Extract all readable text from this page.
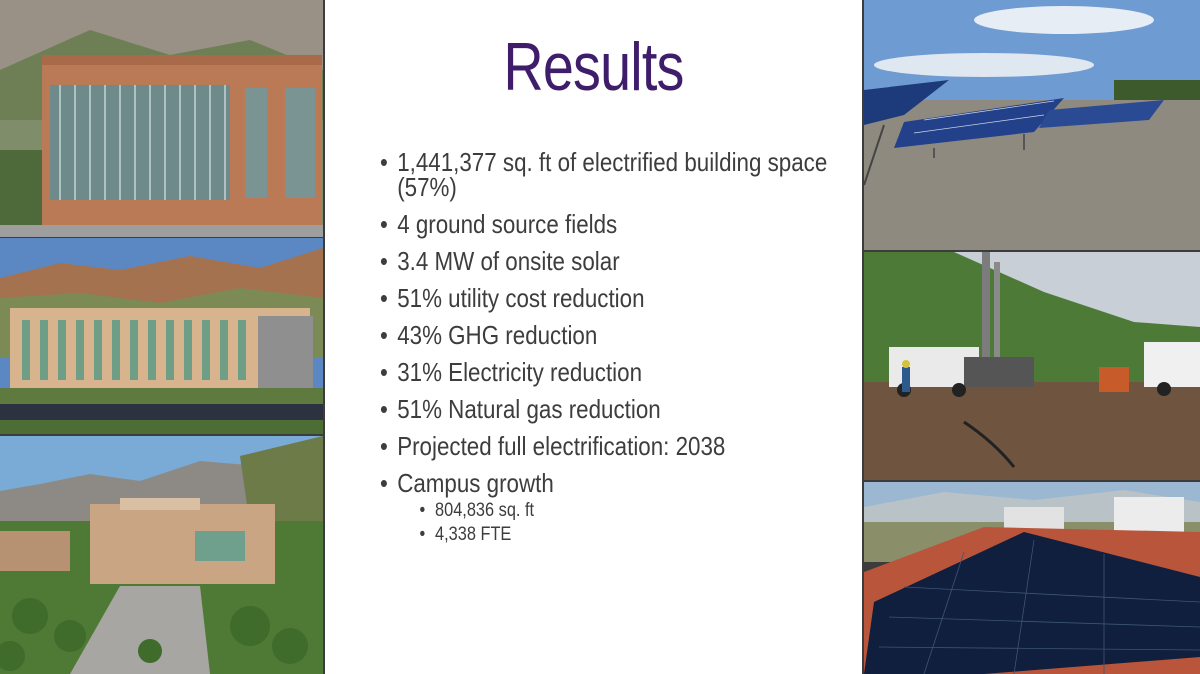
Results
• 1,441,377 sq. ft of electrified building space (57%)
• 4 ground source fields
• 3.4 MW of onsite solar
• 51% utility cost reduction
• 43% GHG reduction
• 31% Electricity reduction
• 51% Natural gas reduction
• Projected full electrification: 2038
• Campus growth
• 804,836 sq. ft
• 4,338 FTE
